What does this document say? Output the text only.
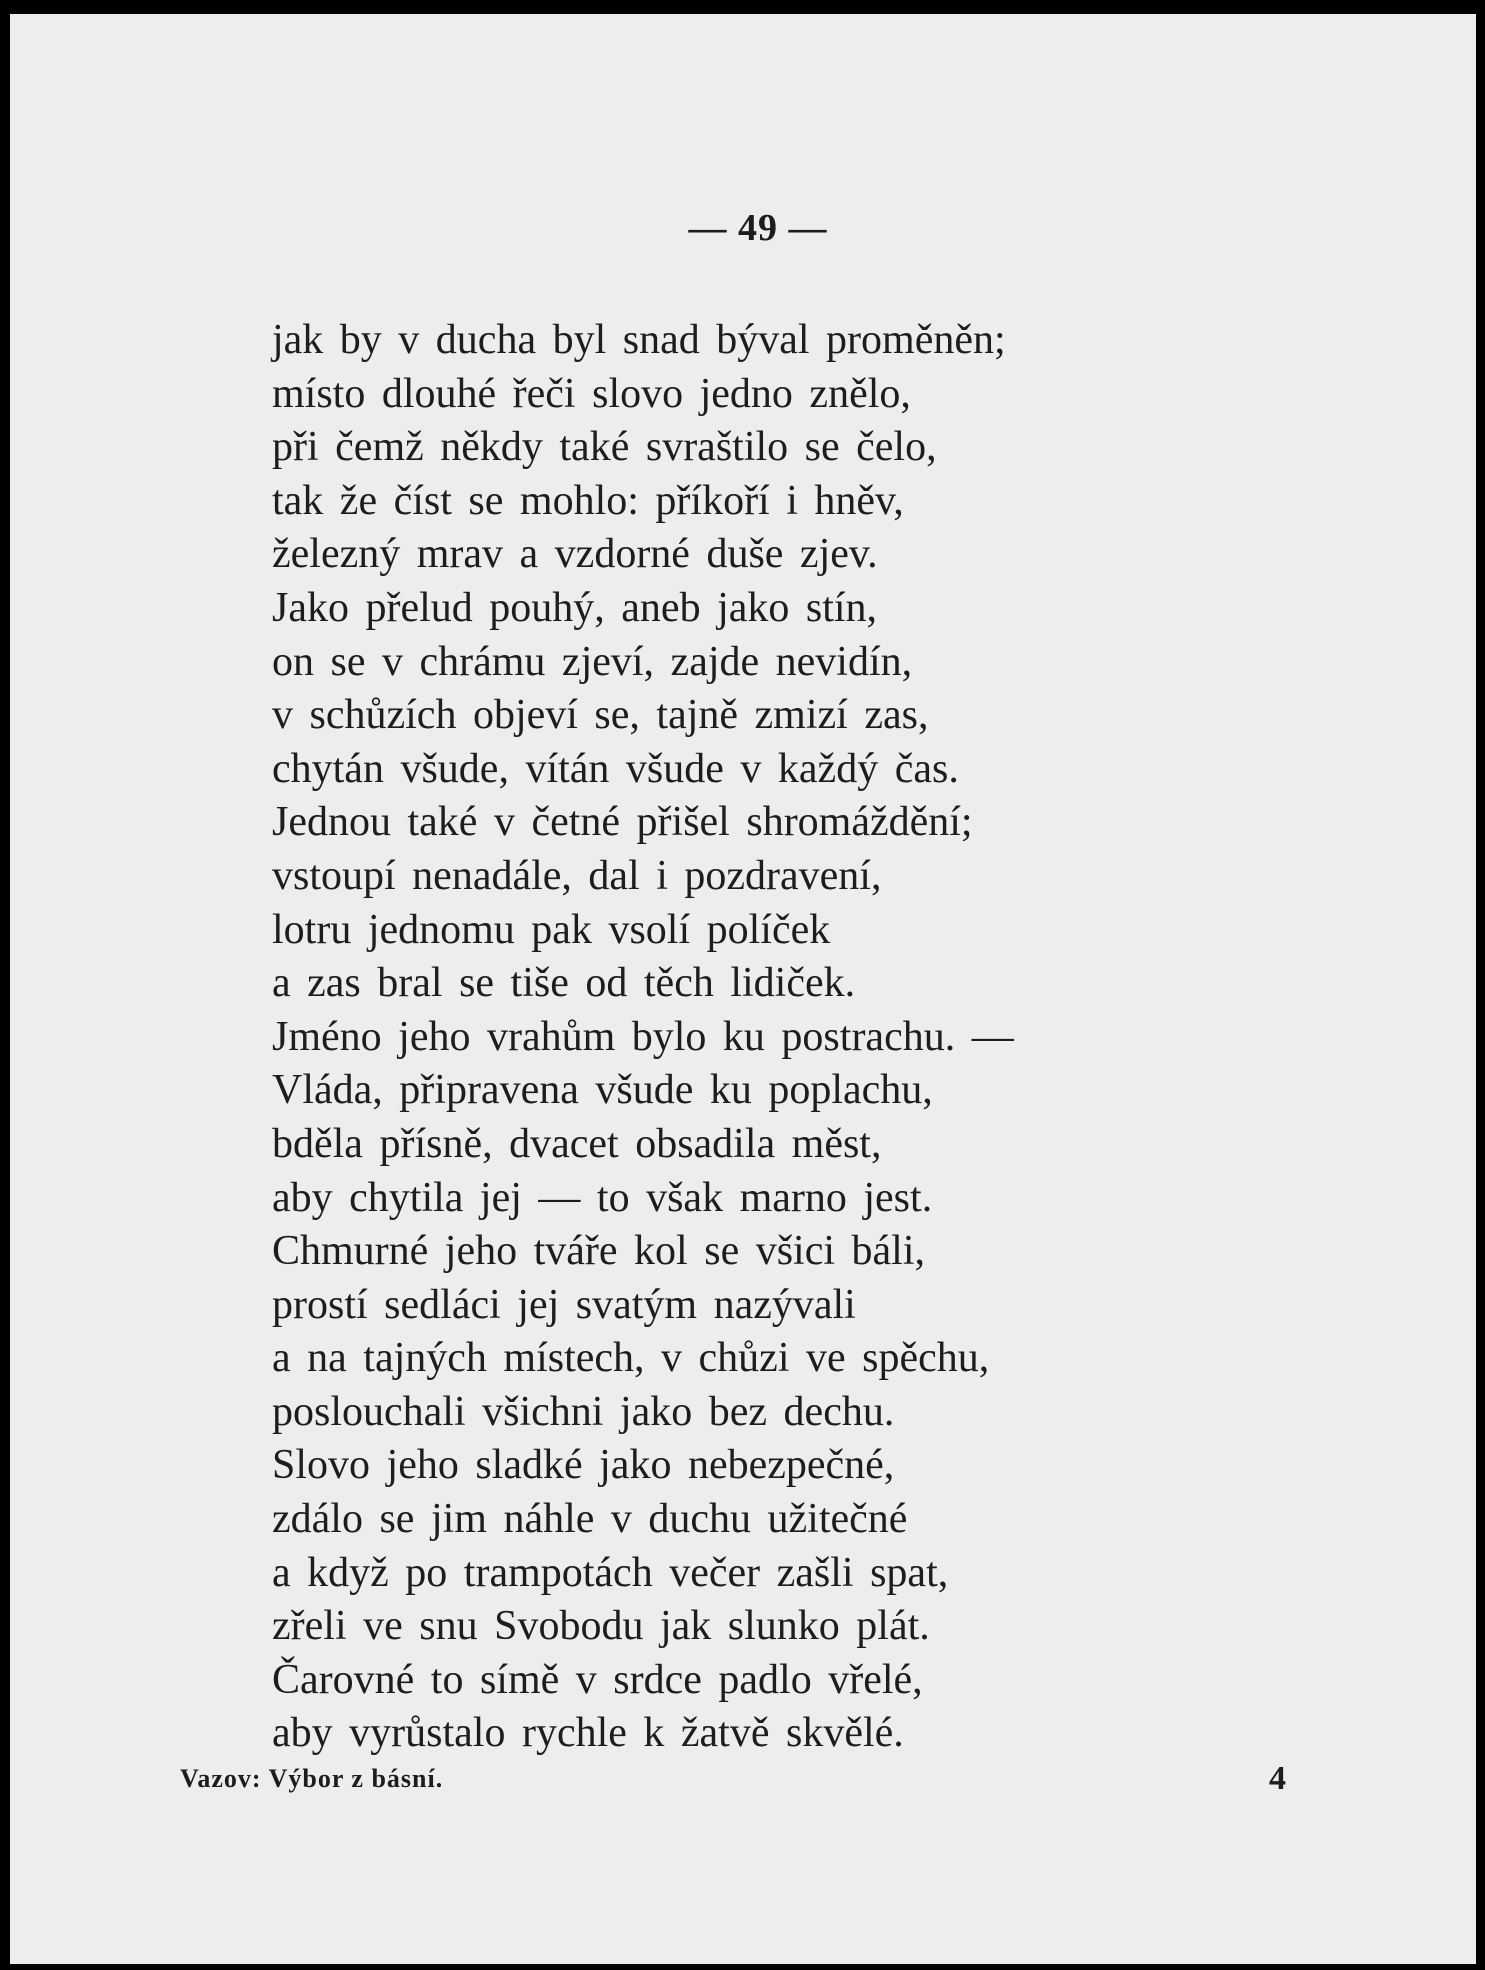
— 49 —
jak by v ducha byl snad býval proměněn;
místo dlouhé řeči slovo jedno znělo,
při čemž někdy také svraštilo se čelo,
tak že číst se mohlo: příkoří i hněv,
železný mrav a vzdorné duše zjev.
Jako přelud pouhý, aneb jako stín,
on se v chrámu zjeví, zajde nevidín,
v schůzích objeví se, tajně zmizí zas,
chytán všude, vítán všude v každý čas.
Jednou také v četné přišel shromáždění;
vstoupí nenadále, dal i pozdravení,
lotru jednomu pak vsolí políček
a zas bral se tiše od těch lidiček.
Jméno jeho vrahům bylo ku postrachu. —
Vláda, připravena všude ku poplachu,
bděla přísně, dvacet obsadila měst,
aby chytila jej — to však marno jest.
Chmurné jeho tváře kol se všici báli,
prostí sedláci jej svatým nazývali
a na tajných místech, v chůzi ve spěchu,
poslouchali všichni jako bez dechu.
Slovo jeho sladké jako nebezpečné,
zdálo se jim náhle v duchu užitečné
a když po trampotách večer zašli spat,
zřeli ve snu Svobodu jak slunko plát.
Čarovné to símě v srdce padlo vřelé,
aby vyrůstalo rychle k žatvě skvělé.
Vazov: Výbor z básní.	4
